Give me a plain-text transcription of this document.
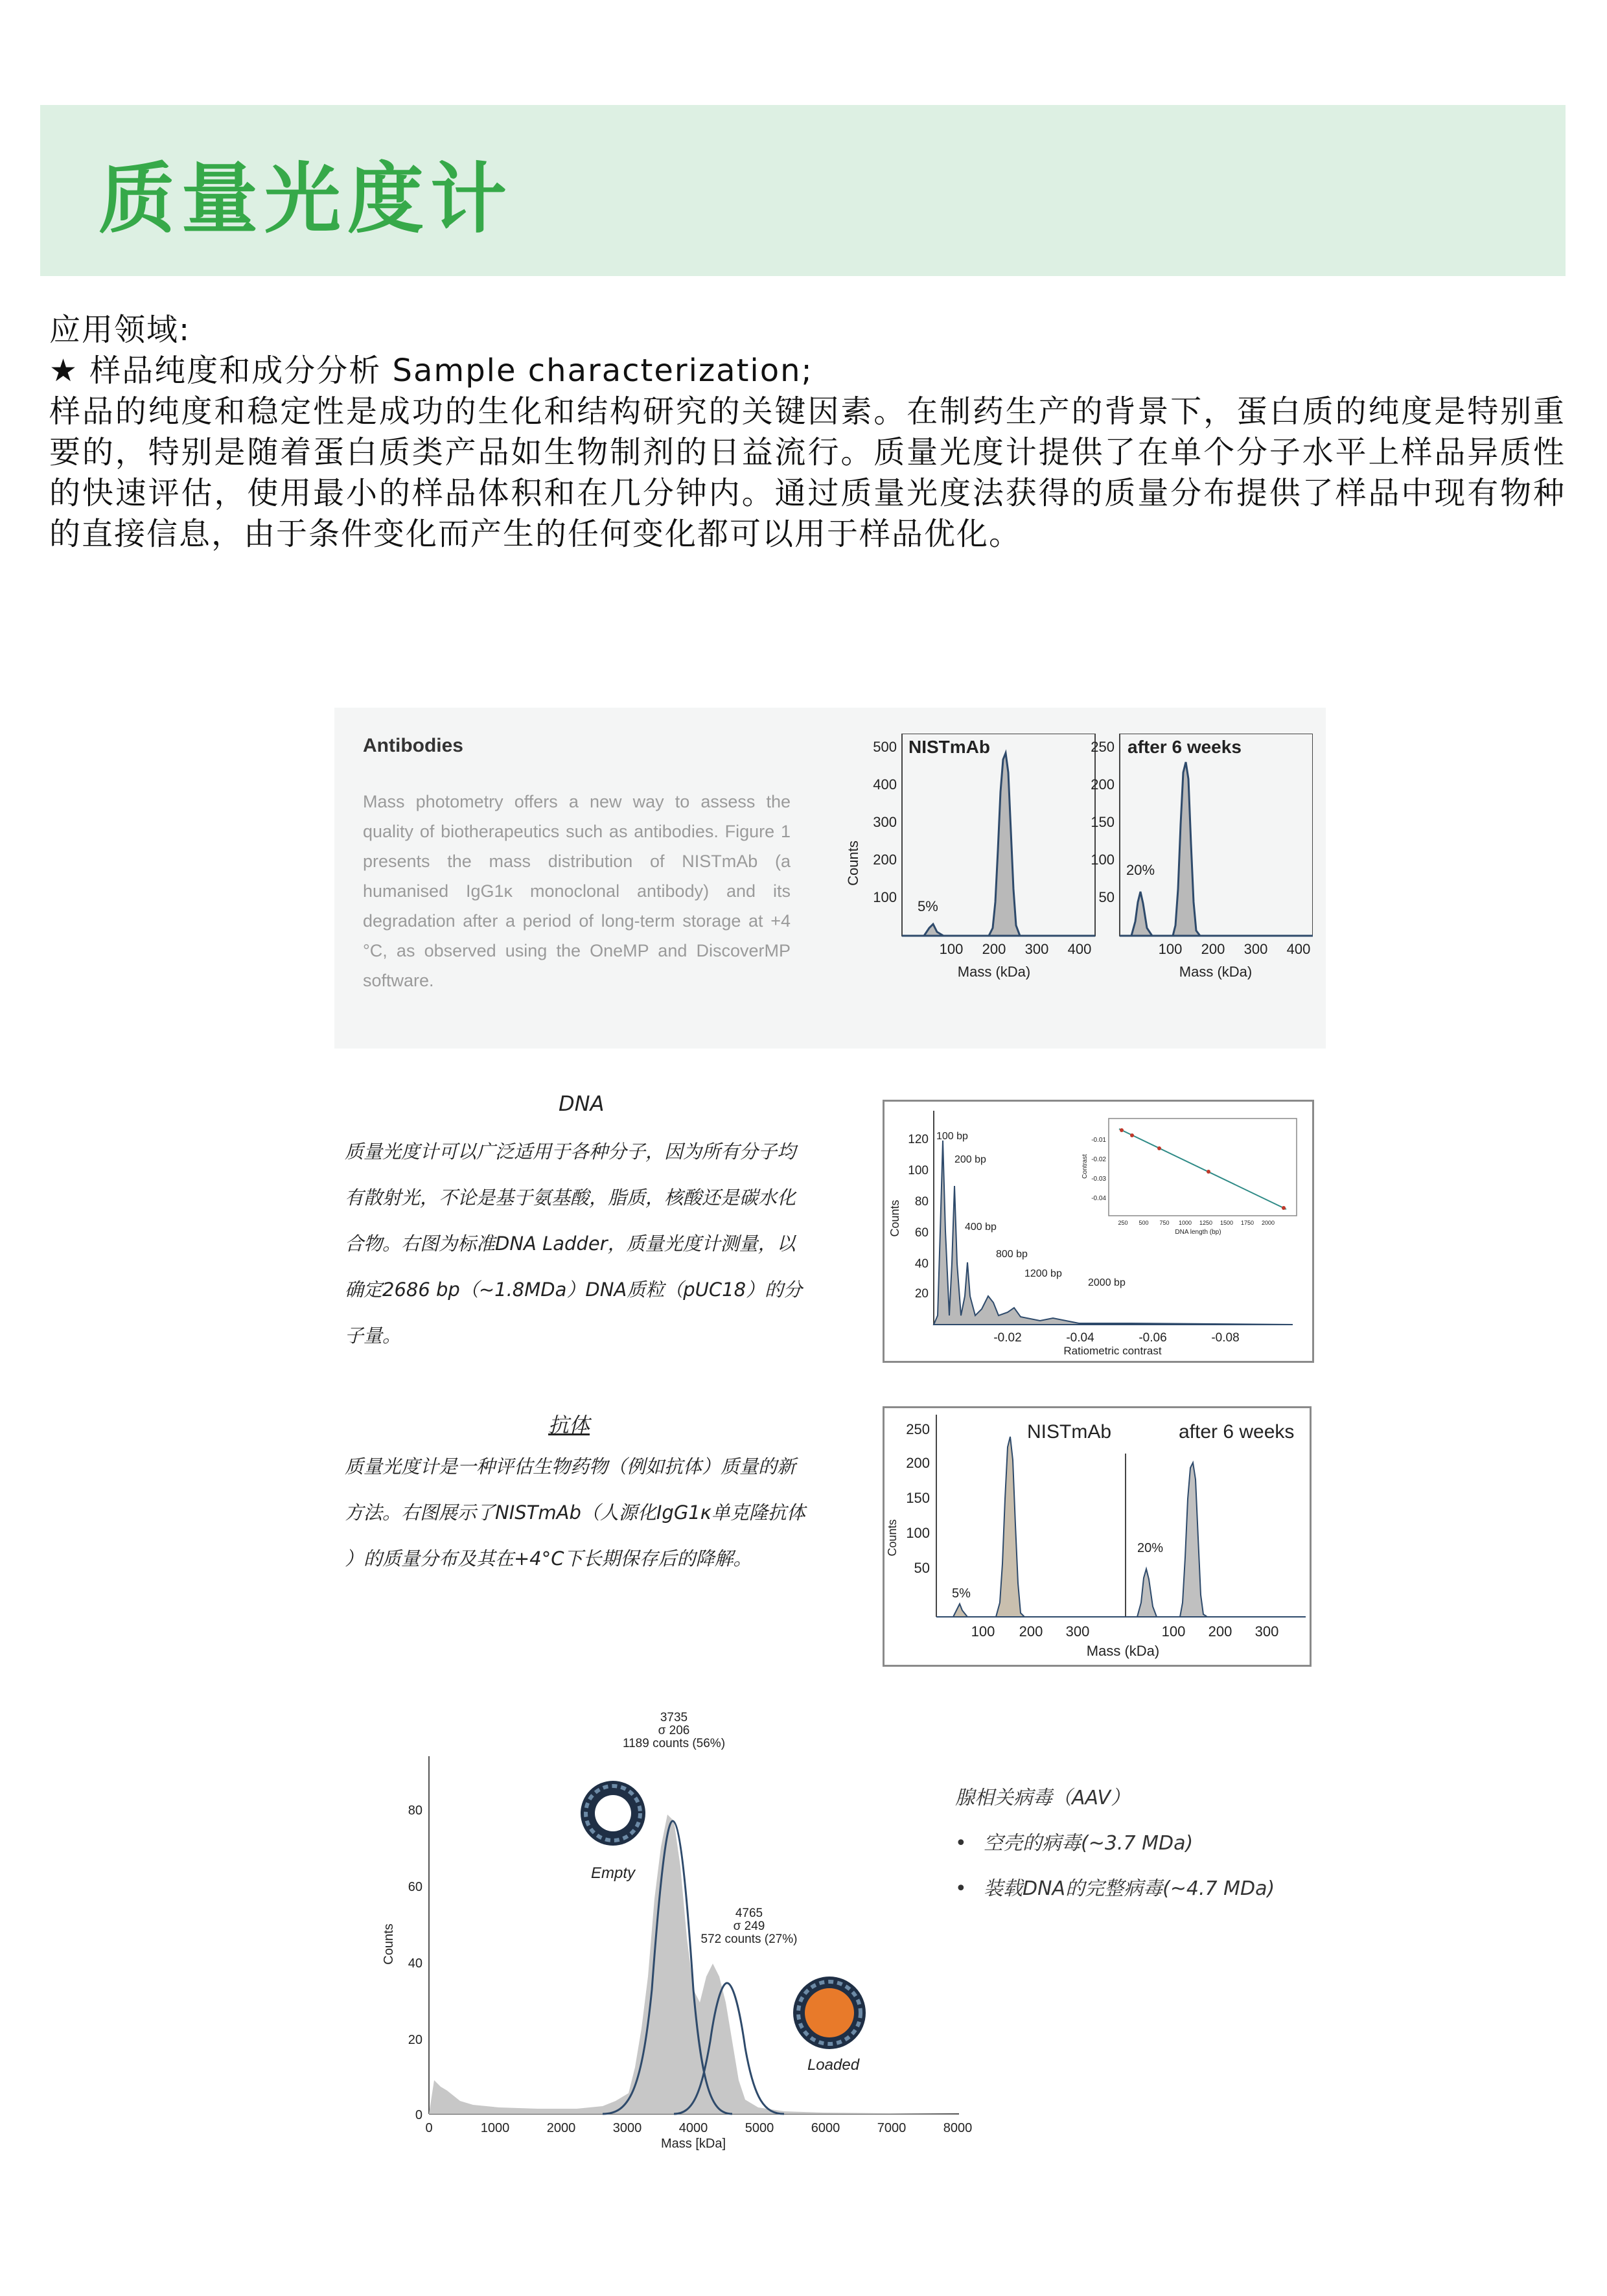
质量光度计

应用领域:

★ 样品纯度和成分分析 Sample characterization;

样品的纯度和稳定性是成功的生化和结构研究的关键因素。在制药生产的背景下，蛋白质的纯度是特别重要的，特别是随着蛋白质类产品如生物制剂的日益流行。质量光度计提供了在单个分子水平上样品异质性的快速评估，使用最小的样品体积和在几分钟内。通过质量光度法获得的质量分布提供了样品中现有物种的直接信息，由于条件变化而产生的任何变化都可以用于样品优化。

Antibodies
Mass photometry offers a new way to assess the quality of biotherapeutics such as antibodies. Figure 1 presents the mass distribution of NISTmAb (a humanised IgG1κ monoclonal antibody) and its degradation after a period of long-term storage at +4 °C, as observed using the OneMP and DiscoverMP software.
Counts
NISTmAb
500
400
300
200
100
5%
100 200 300 400
Mass (kDa)
after 6 weeks
250
200
150
100
50
20%
100 200 300 400
Mass (kDa)
DNA
质量光度计可以广泛适用于各种分子，因为所有分子均
有散射光，不论是基于氨基酸，脂质，核酸还是碳水化
合物。右图为标准DNA Ladder，质量光度计测量，以
确定2686 bp（~1.8MDa）DNA质粒（pUC18）的分
子量。
Counts
120
100
80
60
40
20
100 bp
200 bp
400 bp
800 bp
1200 bp
2000 bp
-0.02	-0.04	-0.06	-0.08
Ratiometric contrast
Contrast
-0.01
-0.02
-0.03
-0.04
250 500 750 1000 1250 1500 1750 2000
DNA length (bp)
抗体
质量光度计是一种评估生物药物（例如抗体）质量的新
方法。右图展示了NISTmAb（人源化IgG1κ单克隆抗体
）的质量分布及其在+4°C下长期保存后的降解。
Counts
250
200
150
100
50
NISTmAb	after 6 weeks
5%
20%
100 200 300	100 200 300
Mass (kDa)
Counts
80
60
40
20
0
0	1000	2000	3000	4000	5000	6000	7000	8000
Mass [kDa]
3735
σ 206
1189 counts (56%)
4765
σ 249
572 counts (27%)
Empty
Loaded
腺相关病毒（AAV）
• 空壳的病毒(~3.7 MDa)
• 装载DNA的完整病毒(~4.7 MDa)
